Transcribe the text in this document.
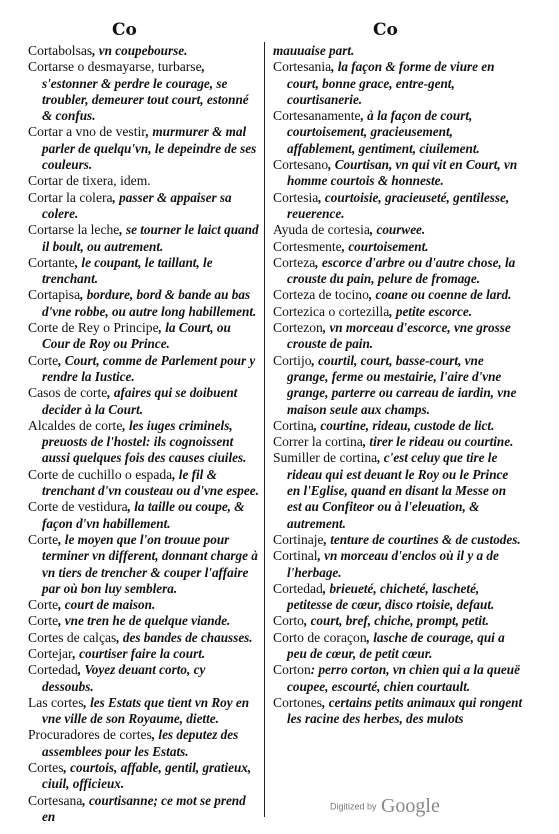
Co	Co

Cortabolsas, vn coupebourse.

Cortarse o desmayarse, turbarse, s'estonner & perdre le courage, se troubler, demeurer tout court, estonné & confus.

Cortar a vno de vestir, murmurer & mal parler de quelqu'vn, le depeindre de ses couleurs.

Cortar de tixera, idem.

Cortar la colera, passer & appaiser sa colere.

Cortarse la leche, se tourner le laict quand il boult, ou autrement.

Cortante, le coupant, le taillant, le trenchant.

Cortapisa, bordure, bord & bande au bas d'vne robbe, ou autre long habillement.

Corte de Rey o Principe, la Court, ou Cour de Roy ou Prince.

Corte, Court, comme de Parlement pour y rendre la Iustice.

Casos de corte, afaires qui se doibuent decider à la Court.

Alcaldes de corte, les iuges criminels, preuosts de l'hostel: ils cognoissent aussi quelques fois des causes ciuiles.

Corte de cuchillo o espada, le fil & trenchant d'vn cousteau ou d'vne espee.

Corte de vestidura, la taille ou coupe, & façon d'vn habillement.

Corte, le moyen que l'on trouue pour terminer vn different, donnant charge à vn tiers de trencher & couper l'affaire par où bon luy semblera.

Corte, court de maison.

Corte, vne tren he de quelque viande.

Cortes de calças, des bandes de chausses.

Cortejar, courtiser faire la court.

Cortedad, Voyez deuant corto, cy dessoubs.

Las cortes, les Estats que tient vn Roy en vne ville de son Royaume, diette.

Procuradores de cortes, les deputez des assemblees pour les Estats.

Cortes, courtois, affable, gentil, gratieux, ciuil, officieux.

Cortesana, courtisanne; ce mot se prend en

mauuaise part.

Cortesania, la façon & forme de viure en court, bonne grace, entre-gent, courtisanerie.

Cortesanamente, à la façon de court, courtoisement, gracieusement, affablement, gentiment, ciuilement.

Cortesano, Courtisan, vn qui vit en Court, vn homme courtois & honneste.

Cortesia, courtoisie, gracieuseté, gentilesse, reuerence.

Ayuda de cortesia, courwee.

Cortesmente, courtoisement.

Corteza, escorce d'arbre ou d'autre chose, la crouste du pain, pelure de fromage.

Corteza de tocino, coane ou coenne de lard.

Cortezica o cortezilla, petite escorce.

Cortezon, vn morceau d'escorce, vne grosse crouste de pain.

Cortijo, courtil, court, basse-court, vne grange, ferme ou mestairie, l'aire d'vne grange, parterre ou carreau de iardin, vne maison seule aux champs.

Cortina, courtine, rideau, custode de lict.

Correr la cortina, tirer le rideau ou courtine.

Sumiller de cortina, c'est celuy que tire le rideau qui est deuant le Roy ou le Prince en l'Eglise, quand en disant la Messe on est au Confiteor ou à l'eleuation, & autrement.

Cortinaje, tenture de courtines & de custodes.

Cortinal, vn morceau d'enclos où il y a de l'herbage.

Cortedad, brieueté, chicheté, lascheté, petitesse de cœur, disco rtoisie, defaut.

Corto, court, bref, chiche, prompt, petit.

Corto de coraçon, lasche de courage, qui a peu de cœur, de petit cœur.

Corton: perro corton, vn chien qui a la queuë coupee, escourté, chien courtault.

Cortones, certains petits animaux qui rongent les racine des herbes, des mulots

Digitized by Google
